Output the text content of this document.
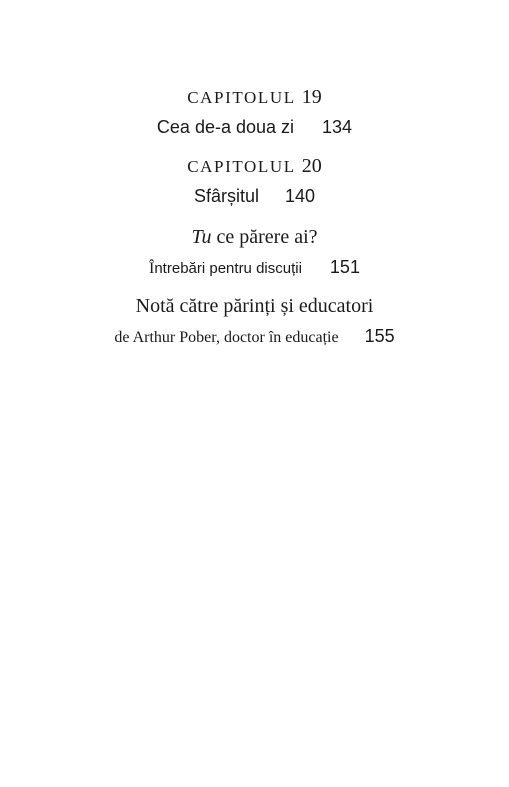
CAPITOLUL 19
Cea de-a doua zi 134
CAPITOLUL 20
Sfârșitul 140
Tu ce părere ai?
Întrebări pentru discuții 151
Notă către părinți și educatori
de Arthur Pober, doctor în educație 155
